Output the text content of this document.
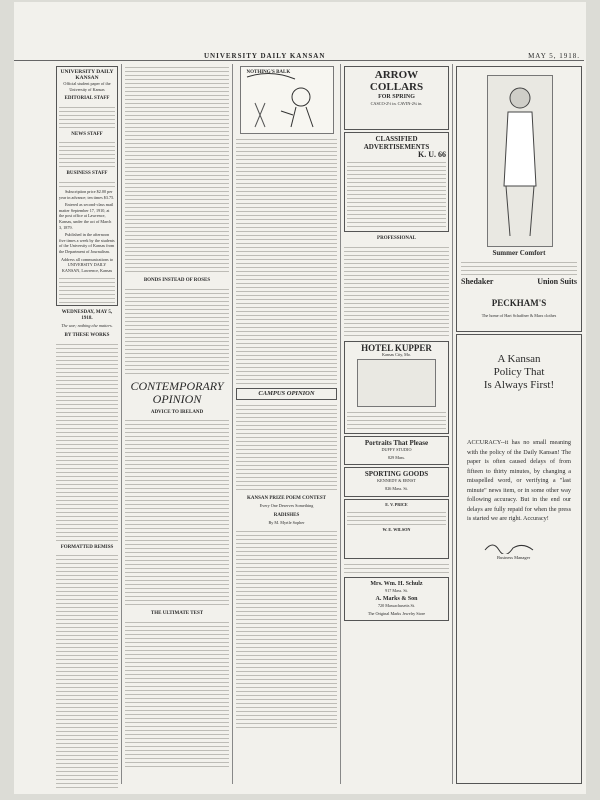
UNIVERSITY DAILY KANSAN	MAY 5, 1918.
UNIVERSITY DAILY KANSAN

Official student paper of the University of Kansas

EDITORIAL STAFF
NEWS STAFF
BUSINESS STAFF

Subscription price $2.00 per year in advance; ten times $3.75.

Entered as second-class mail matter September 17, 1910, at the post office at Lawrence, Kansas, under the act of March 3, 1879.

Published in the afternoon five times a week by the students of the University of Kansas from the Department of Journalism.

Address all communications to UNIVERSITY DAILY KANSAN, Lawrence, Kansas

WEDNESDAY, MAY 5, 1918.

The war; nothing else matters.

BY THESE WORKS
FORMATTED REMISS
BONDS INSTEAD OF ROSES
CONTEMPORARY OPINION
ADVICE TO IRELAND
THE ULTIMATE TEST
NOTHING'S BALK
CAMPUS OPINION
KANSAN PRIZE POEM CONTEST

Every One Deserves Something

RADISHES

By M. Myrtle Sopher

ARROW
COLLARS
FOR SPRING

CASCO-2½ in. CAVIN-2¾ in.

CLASSIFIED ADVERTISEMENTS
K. U. 66
PROFESSIONAL
HOTEL KUPPER

Kansas City, Mo.

Portraits That Please

DUFFY STUDIO

829 Mass.

SPORTING GOODS

KENNEDY & ERNST

826 Mass. St.

E. V. PRICE

W. E. WILSON

Mrs. Wm. H. Schulz

917 Mass. St.

A. Marks & Son

720 Massachusetts St.

The Original Marks Jewelry Store

Summer Comfort
Shedaker	Union Suits
PECKHAM'S
The home of Hart Schaffner & Marx clothes
A Kansan
Policy That
Is Always First!
ACCURACY--it has no small meaning with the policy of the Daily Kansan! The paper is often caused delays of from fifteen to thirty minutes, by changing a misspelled word, or verifying a "last minute" news item, or in some other way following accuracy. But in the end our delays are fully repaid for when the press is started we are right. Accuracy!
Business Manager
